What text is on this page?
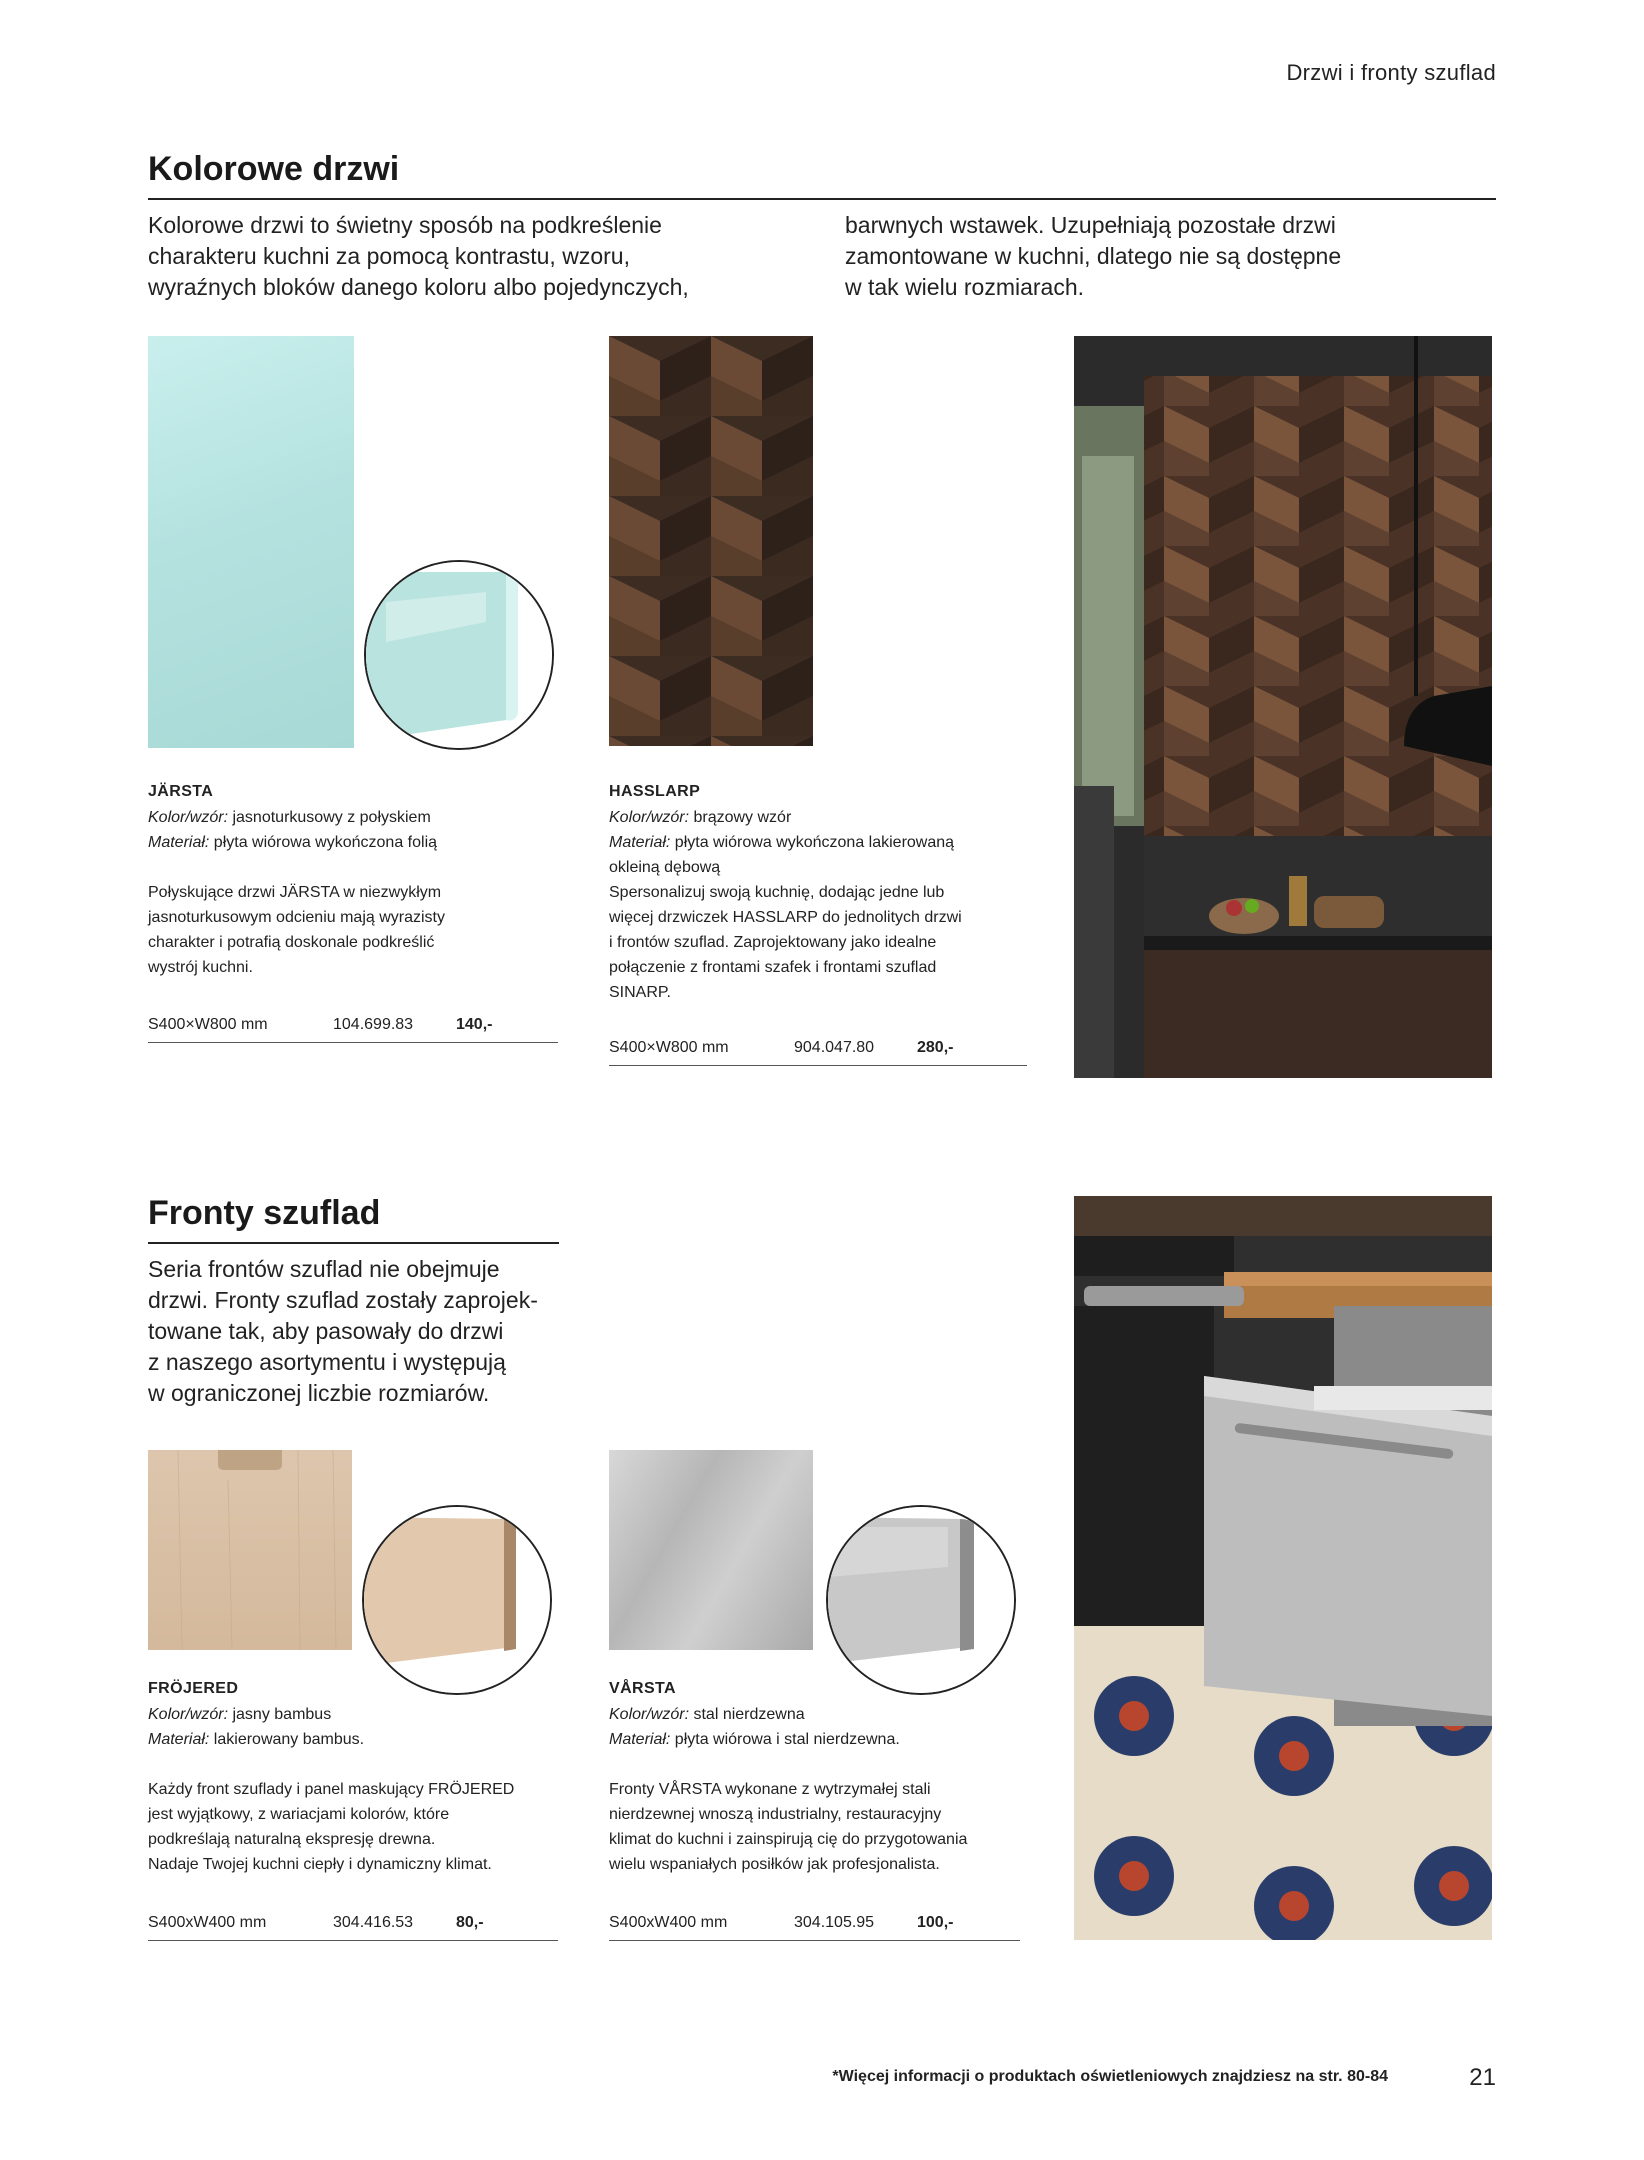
Drzwi i fronty szuflad
Kolorowe drzwi

Kolorowe drzwi to świetny sposób na podkreślenie

charakteru kuchni za pomocą kontrastu, wzoru,

wyraźnych bloków danego koloru albo pojedynczych,

barwnych wstawek. Uzupełniają pozostałe drzwi

zamontowane w kuchni, dlatego nie są dostępne

w tak wielu rozmiarach.

JÄRSTA
Kolor/wzór: jasnoturkusowy z połyskiem
Materiał: płyta wiórowa wykończona folią
Połyskujące drzwi JÄRSTA w niezwykłym
jasnoturkusowym odcieniu mają wyrazisty
charakter i potrafią doskonale podkreślić
wystrój kuchni.
S400×W800 mm	104.699.83	140,-
HASSLARP
Kolor/wzór: brązowy wzór
Materiał: płyta wiórowa wykończona lakierowaną
okleiną dębową
Spersonalizuj swoją kuchnię, dodając jedne lub
więcej drzwiczek HASSLARP do jednolitych drzwi
i frontów szuflad. Zaprojektowany jako idealne
połączenie z frontami szafek i frontami szuflad
SINARP.
S400×W800 mm	904.047.80	280,-
Fronty szuflad

Seria frontów szuflad nie obejmuje

drzwi. Fronty szuflad zostały zaprojek-

towane tak, aby pasowały do drzwi

z naszego asortymentu i występują

w ograniczonej liczbie rozmiarów.

FRÖJERED
Kolor/wzór: jasny bambus
Materiał: lakierowany bambus.
Każdy front szuflady i panel maskujący FRÖJERED
jest wyjątkowy, z wariacjami kolorów, które
podkreślają naturalną ekspresję drewna.
Nadaje Twojej kuchni ciepły i dynamiczny klimat.
S400xW400 mm	304.416.53	80,-
VÅRSTA
Kolor/wzór: stal nierdzewna
Materiał: płyta wiórowa i stal nierdzewna.
Fronty VÅRSTA wykonane z wytrzymałej stali
nierdzewnej wnoszą industrialny, restauracyjny
klimat do kuchni i zainspirują cię do przygotowania
wielu wspaniałych posiłków jak profesjonalista.
S400xW400 mm	304.105.95	100,-
*Więcej informacji o produktach oświetleniowych znajdziesz na str. 80-84	21
